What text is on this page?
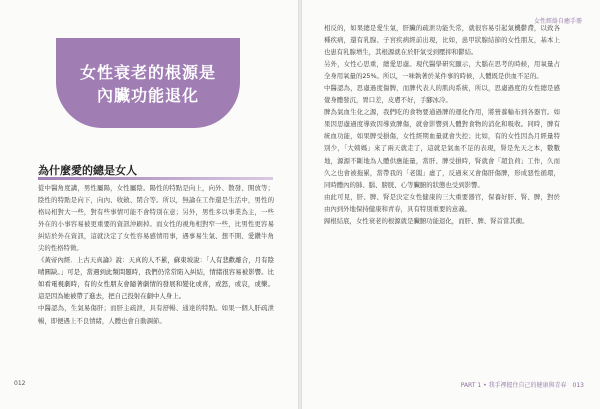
女性衰老的根源是
內臟功能退化
為什麼愛的總是女人

從中醫角度講，男性屬陽，女性屬陰。陽性的特點是向上，向外、散發、開放等；陰性的特點是向下，向內、收斂、閉合等。所以，無論在工作還是生活中，男性的格局相對大一些，對有些事情可能不會特別在意；另外，男性多以事業為主，一些外在的小事容易被更重要的資訊沖刷掉。而女性的視角相對窄一些，比男性更容易糾結於外在資訊，這就決定了女性容易感情用事，遇事易生氣、想不開、愛鑽牛角尖的性格特徵。

《黃帝內經．上古天真論》說：天真的人不累，蘇東坡說：「人有悲歡離合，月有陰晴圓缺。」可是，當遇到此類問題時，我們仍常常陷入糾結，情緒很容易被影響。比如看電視劇時，有的女性朋友會隨著劇情的發展和變化或喜，或怒，或哀，或樂。這是因為她被帶了進去，把自己投射在劇中人身上。

中醫認為，生氣易傷肝；而肝主疏泄，具有舒暢、通達的特點。如果一個人肝疏泄暢，即便遇上不良情緒，人體也會自動調節。

012
女性經絡自癒手冊

相反的，如果總是愛生氣，肝臟的疏泄功能失常，就很容易引起氣機鬱滯，以致各種疾病，還有乳腺、子宮疾病經前出現，比如，患甲狀腺結節的女性朋友，基本上也患有乳腺增生，其根源就在於肝氣受到壓抑和鬱結。

另外，女性心思重，總愛思慮。現代醫學研究顯示，大腦在思考的時候，用氧量占全身用氧量的25%。所以，一味執著於某件事的時候，人體既是供血不足的。

中醫認為，思慮過度傷脾，而脾代表人的肌肉系統，所以，思慮過度的女性總是感覺身體發沉，胃口差，皮膚不好，手腳冰冷。

脾為氣血生化之源，我們吃的食物要通過脾的運化作用，將營養輸布到各器官。如果因思慮過度導致因導致脾傷，就會影響到人體對食物的消化和吸收。同時，脾有統血功能，如果脾受損傷，女性經期血量就會失控；比如，有的女性因為月經量特別少，「大姨媽」來了兩天就走了，這就是氣血不足的表現，腎是先天之本，數數地，源源不斷地為人體供應能量，當肝、脾受損時，腎就會「超負荷」工作，久而久之也會被拖累，當帶我的「老闆」虛了，反過來又會傷肝傷脾，形成惡性循環，同時體內的肺、腦、膀胱、心等臟腑的狀態也受到影響。

由此可見，肝、脾、腎是決定女性健康的三大重要器官，保養好肝、腎、脾，對於由內到外地保持健康和青春，具有特別重要的意義。

歸根結底，女性衰老的根源就是臟腑功能退化，而肝、脾、腎首當其衝。

PART 1 • 我手裡握住自己的健康與青春　013
